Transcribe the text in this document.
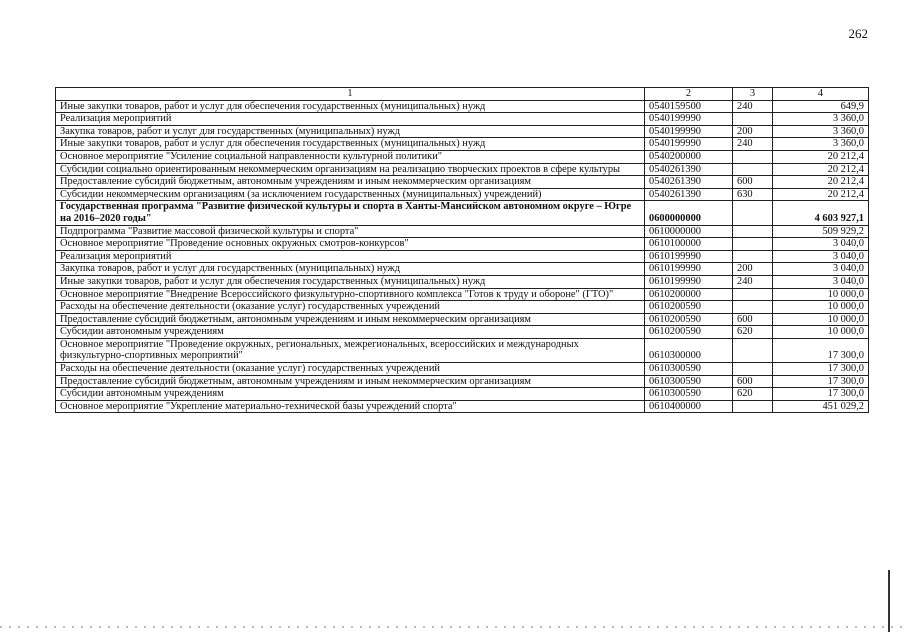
262
1	2	3	4
Иные закупки товаров, работ и услуг для обеспечения государственных (муниципальных) нужд	0540159500	240	649,9
Реализация мероприятий	0540199990		3 360,0
Закупка товаров, работ и услуг для государственных (муниципальных) нужд	0540199990	200	3 360,0
Иные закупки товаров, работ и услуг для обеспечения государственных (муниципальных) нужд	0540199990	240	3 360,0
Основное мероприятие "Усиление социальной направленности культурной политики"	0540200000		20 212,4
Субсидии социально ориентированным некоммерческим организациям на реализацию творческих проектов в сфере культуры	0540261390		20 212,4
Предоставление субсидий бюджетным, автономным учреждениям и иным некоммерческим организациям	0540261390	600	20 212,4
Субсидии некоммерческим организациям (за исключением государственных (муниципальных) учреждений)	0540261390	630	20 212,4
Государственная программа "Развитие физической культуры и спорта в Ханты-Мансийском автономном округе – Югре на 2016–2020 годы"	0600000000		4 603 927,1
Подпрограмма "Развитие массовой физической культуры и спорта"	0610000000		509 929,2
Основное мероприятие "Проведение основных окружных смотров-конкурсов"	0610100000		3 040,0
Реализация мероприятий	0610199990		3 040,0
Закупка товаров, работ и услуг для государственных (муниципальных) нужд	0610199990	200	3 040,0
Иные закупки товаров, работ и услуг для обеспечения государственных (муниципальных) нужд	0610199990	240	3 040,0
Основное мероприятие "Внедрение Всероссийского физкультурно-спортивного комплекса "Готов к труду и обороне" (ГТО)"	0610200000		10 000,0
Расходы на обеспечение деятельности (оказание услуг) государственных учреждений	0610200590		10 000,0
Предоставление субсидий бюджетным, автономным учреждениям и иным некоммерческим организациям	0610200590	600	10 000,0
Субсидии автономным учреждениям	0610200590	620	10 000,0
Основное мероприятие "Проведение окружных, региональных, межрегиональных, всероссийских и международных физкультурно-спортивных мероприятий"	0610300000		17 300,0
Расходы на обеспечение деятельности (оказание услуг) государственных учреждений	0610300590		17 300,0
Предоставление субсидий бюджетным, автономным учреждениям и иным некоммерческим организациям	0610300590	600	17 300,0
Субсидии автономным учреждениям	0610300590	620	17 300,0
Основное мероприятие "Укрепление материально-технической базы учреждений спорта"	0610400000		451 029,2
